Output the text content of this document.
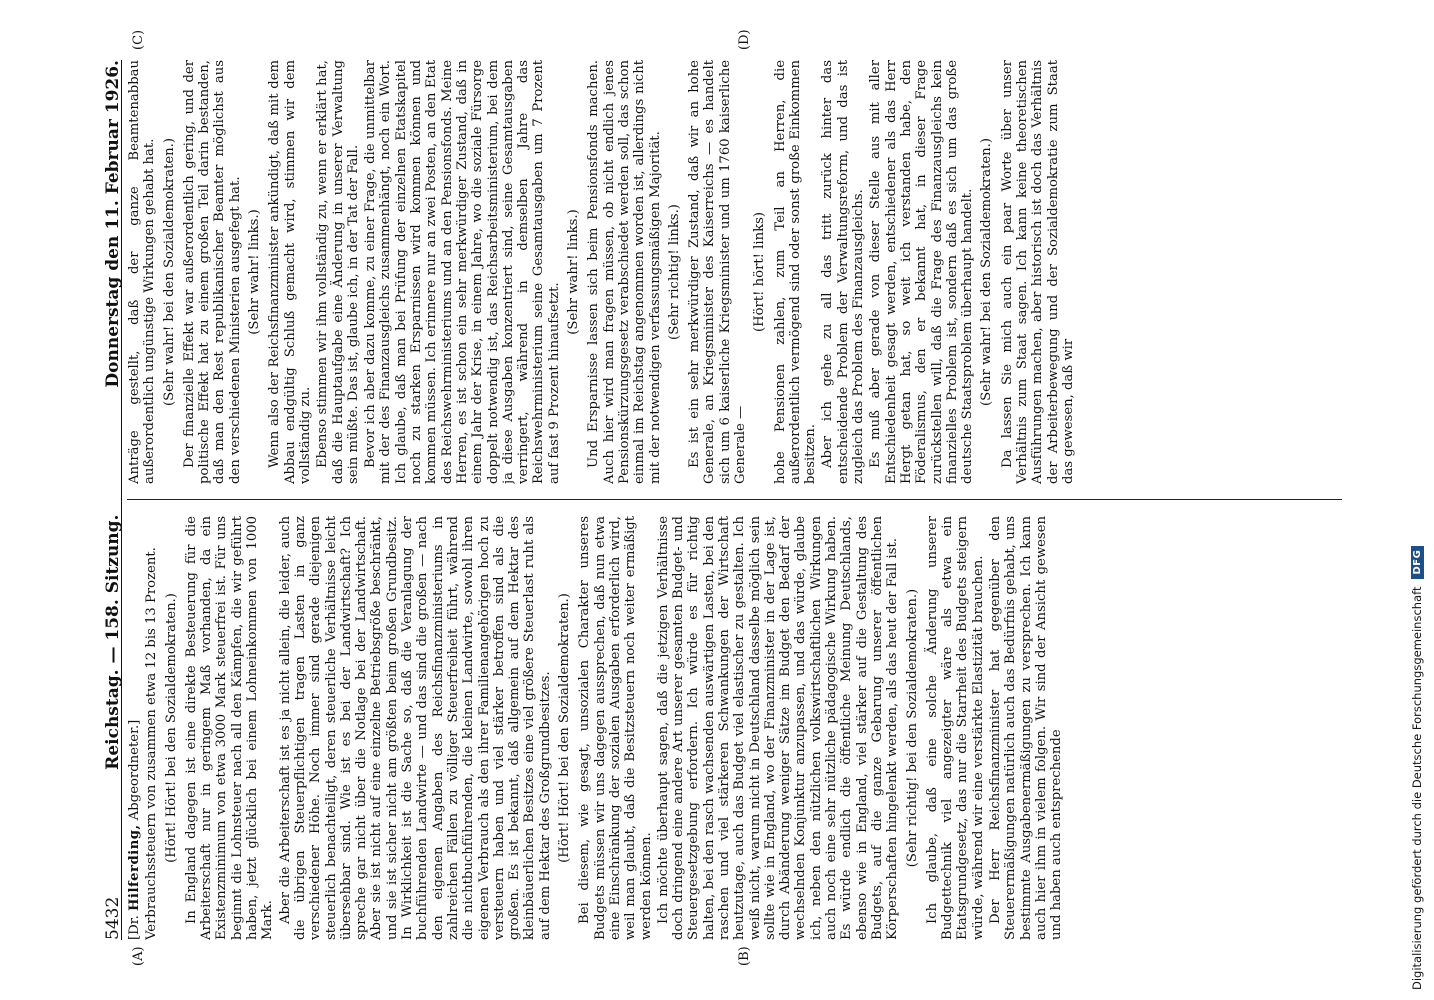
5432
Reichstag. — 158. Sitzung.
Donnerstag den 11. Februar 1926.
(A)	(B)
(C)	(D)

[Dr. Hilferding, Abgeordneter.] Verbrauchssteuern von zusammen etwa 12 bis 13 Prozent. (Hört! Hört! bei den Sozialdemokraten.) In England dagegen ist eine direkte Besteuerung für die Arbeiterschaft nur in geringem Maß vorhanden, da ein Existenzminimum von etwa 3000 Mark steuerfrei ist. Für uns beginnt die Lohnsteuer nach all den Kämpfen, die wir geführt haben, jetzt glücklich bei einem Lohneinkommen von 1000 Mark. Aber die Arbeiterschaft ist es ja nicht allein, die leider, auch die übrigen Steuerpflichtigen tragen Lasten in ganz verschiedener Höhe. Noch immer sind gerade diejenigen steuerlich benachteiligt, deren steuerliche Verhältnisse leicht übersehbar sind. Wie ist es bei der Landwirtschaft? Ich spreche gar nicht über die Notlage bei der Landwirtschaft. Aber sie ist nicht auf eine einzelne Betriebsgröße beschränkt, und sie ist sicher nicht am größten beim großen Grundbesitz. In Wirklichkeit ist die Sache so, daß die Veranlagung der buchführenden Landwirte — und das sind die großen — nach den eigenen Angaben des Reichsfinanzministeriums in zahlreichen Fällen zu völliger Steuerfreiheit führt, während die nichtbuchführenden, die kleinen Landwirte, sowohl ihren eigenen Verbrauch als den ihrer Familienangehörigen hoch zu versteuern haben und viel stärker betroffen sind als die großen. Es ist bekannt, daß allgemein auf dem Hektar des kleinbäuerlichen Besitzes eine viel größere Steuerlast ruht als auf dem Hektar des Großgrundbesitzes. (Hört! Hört! bei den Sozialdemokraten.) Bei diesem, wie gesagt, unsozialen Charakter unseres Budgets müssen wir uns dagegen aussprechen, daß nun etwa eine Einschränkung der sozialen Ausgaben erforderlich wird, weil man glaubt, daß die Besitzsteuern noch weiter ermäßigt werden können. Ich möchte überhaupt sagen, daß die jetzigen Verhältnisse doch dringend eine andere Art unserer gesamten Budget- und Steuergesetzgebung erfordern. Ich würde es für richtig halten, bei den rasch wachsenden auswärtigen Lasten, bei den raschen und viel stärkeren Schwankungen der Wirtschaft heutzutage, auch das Budget viel elastischer zu gestalten. Ich weiß nicht, warum nicht in Deutschland dasselbe möglich sein sollte wie in England, wo der Finanzminister in der Lage ist, durch Abänderung weniger Sätze im Budget den Bedarf der wechselnden Konjunktur anzupassen, und das würde, glaube ich, neben den nützlichen volkswirtschaftlichen Wirkungen auch noch eine sehr nützliche pädagogische Wirkung haben. Es würde endlich die öffentliche Meinung Deutschlands, ebenso wie in England, viel stärker auf die Gestaltung des Budgets, auf die ganze Gebarung unserer öffentlichen Körperschaften hingelenkt werden, als das heut der Fall ist. (Sehr richtig! bei den Sozialdemokraten.) Ich glaube, daß eine solche Änderung unserer Budgettechnik viel angezeigter wäre als etwa ein Etatsgrundgesetz, das nur die Starrheit des Budgets steigern würde, während wir eine verstärkte Elastizität brauchen. Der Herr Reichsfinanzminister hat gegenüber den Steuerermäßigungen natürlich auch das Bedürfnis gehabt, uns bestimmte Ausgabenermäßigungen zu versprechen. Ich kann auch hier ihm in vielem folgen. Wir sind der Ansicht gewesen und haben auch entsprechende

Anträge gestellt, daß der ganze Beamtenabbau außerordentlich ungünstige Wirkungen gehabt hat. (Sehr wahr! bei den Sozialdemokraten.) Der finanzielle Effekt war außerordentlich gering, und der politische Effekt hat zu einem großen Teil darin bestanden, daß man den Rest republikanischer Beamter möglichst aus den verschiedenen Ministerien ausgefegt hat. (Sehr wahr! links.) Wenn also der Reichsfinanzminister ankündigt, daß mit dem Abbau endgültig Schluß gemacht wird, stimmen wir dem vollständig zu. Ebenso stimmen wir ihm vollständig zu, wenn er erklärt hat, daß die Hauptaufgabe eine Änderung in unserer Verwaltung sein müßte. Das ist, glaube ich, in der Tat der Fall. Bevor ich aber dazu komme, zu einer Frage, die unmittelbar mit der des Finanzausgleichs zusammenhängt, noch ein Wort. Ich glaube, daß man bei Prüfung der einzelnen Etatskapitel noch zu starken Ersparnissen wird kommen können und kommen müssen. Ich erinnere nur an zwei Posten, an den Etat des Reichswehrministeriums und an den Pensionsfonds. Meine Herren, es ist schon ein sehr merkwürdiger Zustand, daß in einem Jahr der Krise, in einem Jahre, wo die soziale Fürsorge doppelt notwendig ist, das Reichsarbeitsministerium, bei dem ja diese Ausgaben konzentriert sind, seine Gesamtausgaben verringert, während in demselben Jahre das Reichswehrministerium seine Gesamtausgaben um 7 Prozent auf fast 9 Prozent hinaufsetzt.

(Sehr wahr! links.) Und Ersparnisse lassen sich beim Pensionsfonds machen. Auch hier wird man fragen müssen, ob nicht endlich jenes Pensionskürzungsgesetz verabschiedet werden soll, das schon einmal im Reichstag angenommen worden ist, allerdings nicht mit der notwendigen verfassungsmäßigen Majorität. (Sehr richtig! links.) Es ist ein sehr merkwürdiger Zustand, daß wir an hohe Generale, an Kriegsminister des Kaiserreichs — es handelt sich um 6 kaiserliche Kriegsminister und um 1760 kaiserliche Generale —

(Hört! hört! links) hohe Pensionen zahlen, zum Teil an Herren, die außerordentlich vermögend sind oder sonst große Einkommen besitzen. Aber ich gehe zu all das tritt zurück hinter das entscheidende Problem der Verwaltungsreform, und das ist zugleich das Problem des Finanzausgleichs. Es muß aber gerade von dieser Stelle aus mit aller Entschiedenheit gesagt werden, entschiedener als das Herr Hergt getan hat, so weit ich verstanden habe, den Föderalismus, den er bekannt hat, in dieser Frage zurückstellen will, daß die Frage des Finanzausgleichs kein finanzielles Problem ist, sondern daß es sich um das große deutsche Staatsproblem überhaupt handelt. (Sehr wahr! bei den Sozialdemokraten.) Da lassen Sie mich auch ein paar Worte über unser Verhältnis zum Staat sagen. Ich kann keine theoretischen Ausführungen machen, aber historisch ist doch das Verhältnis der Arbeiterbewegung und der Sozialdemokratie zum Staat das gewesen, daß wir

Digitalisierung gefördert durch die Deutsche Forschungsgemeinschaft
DFG
